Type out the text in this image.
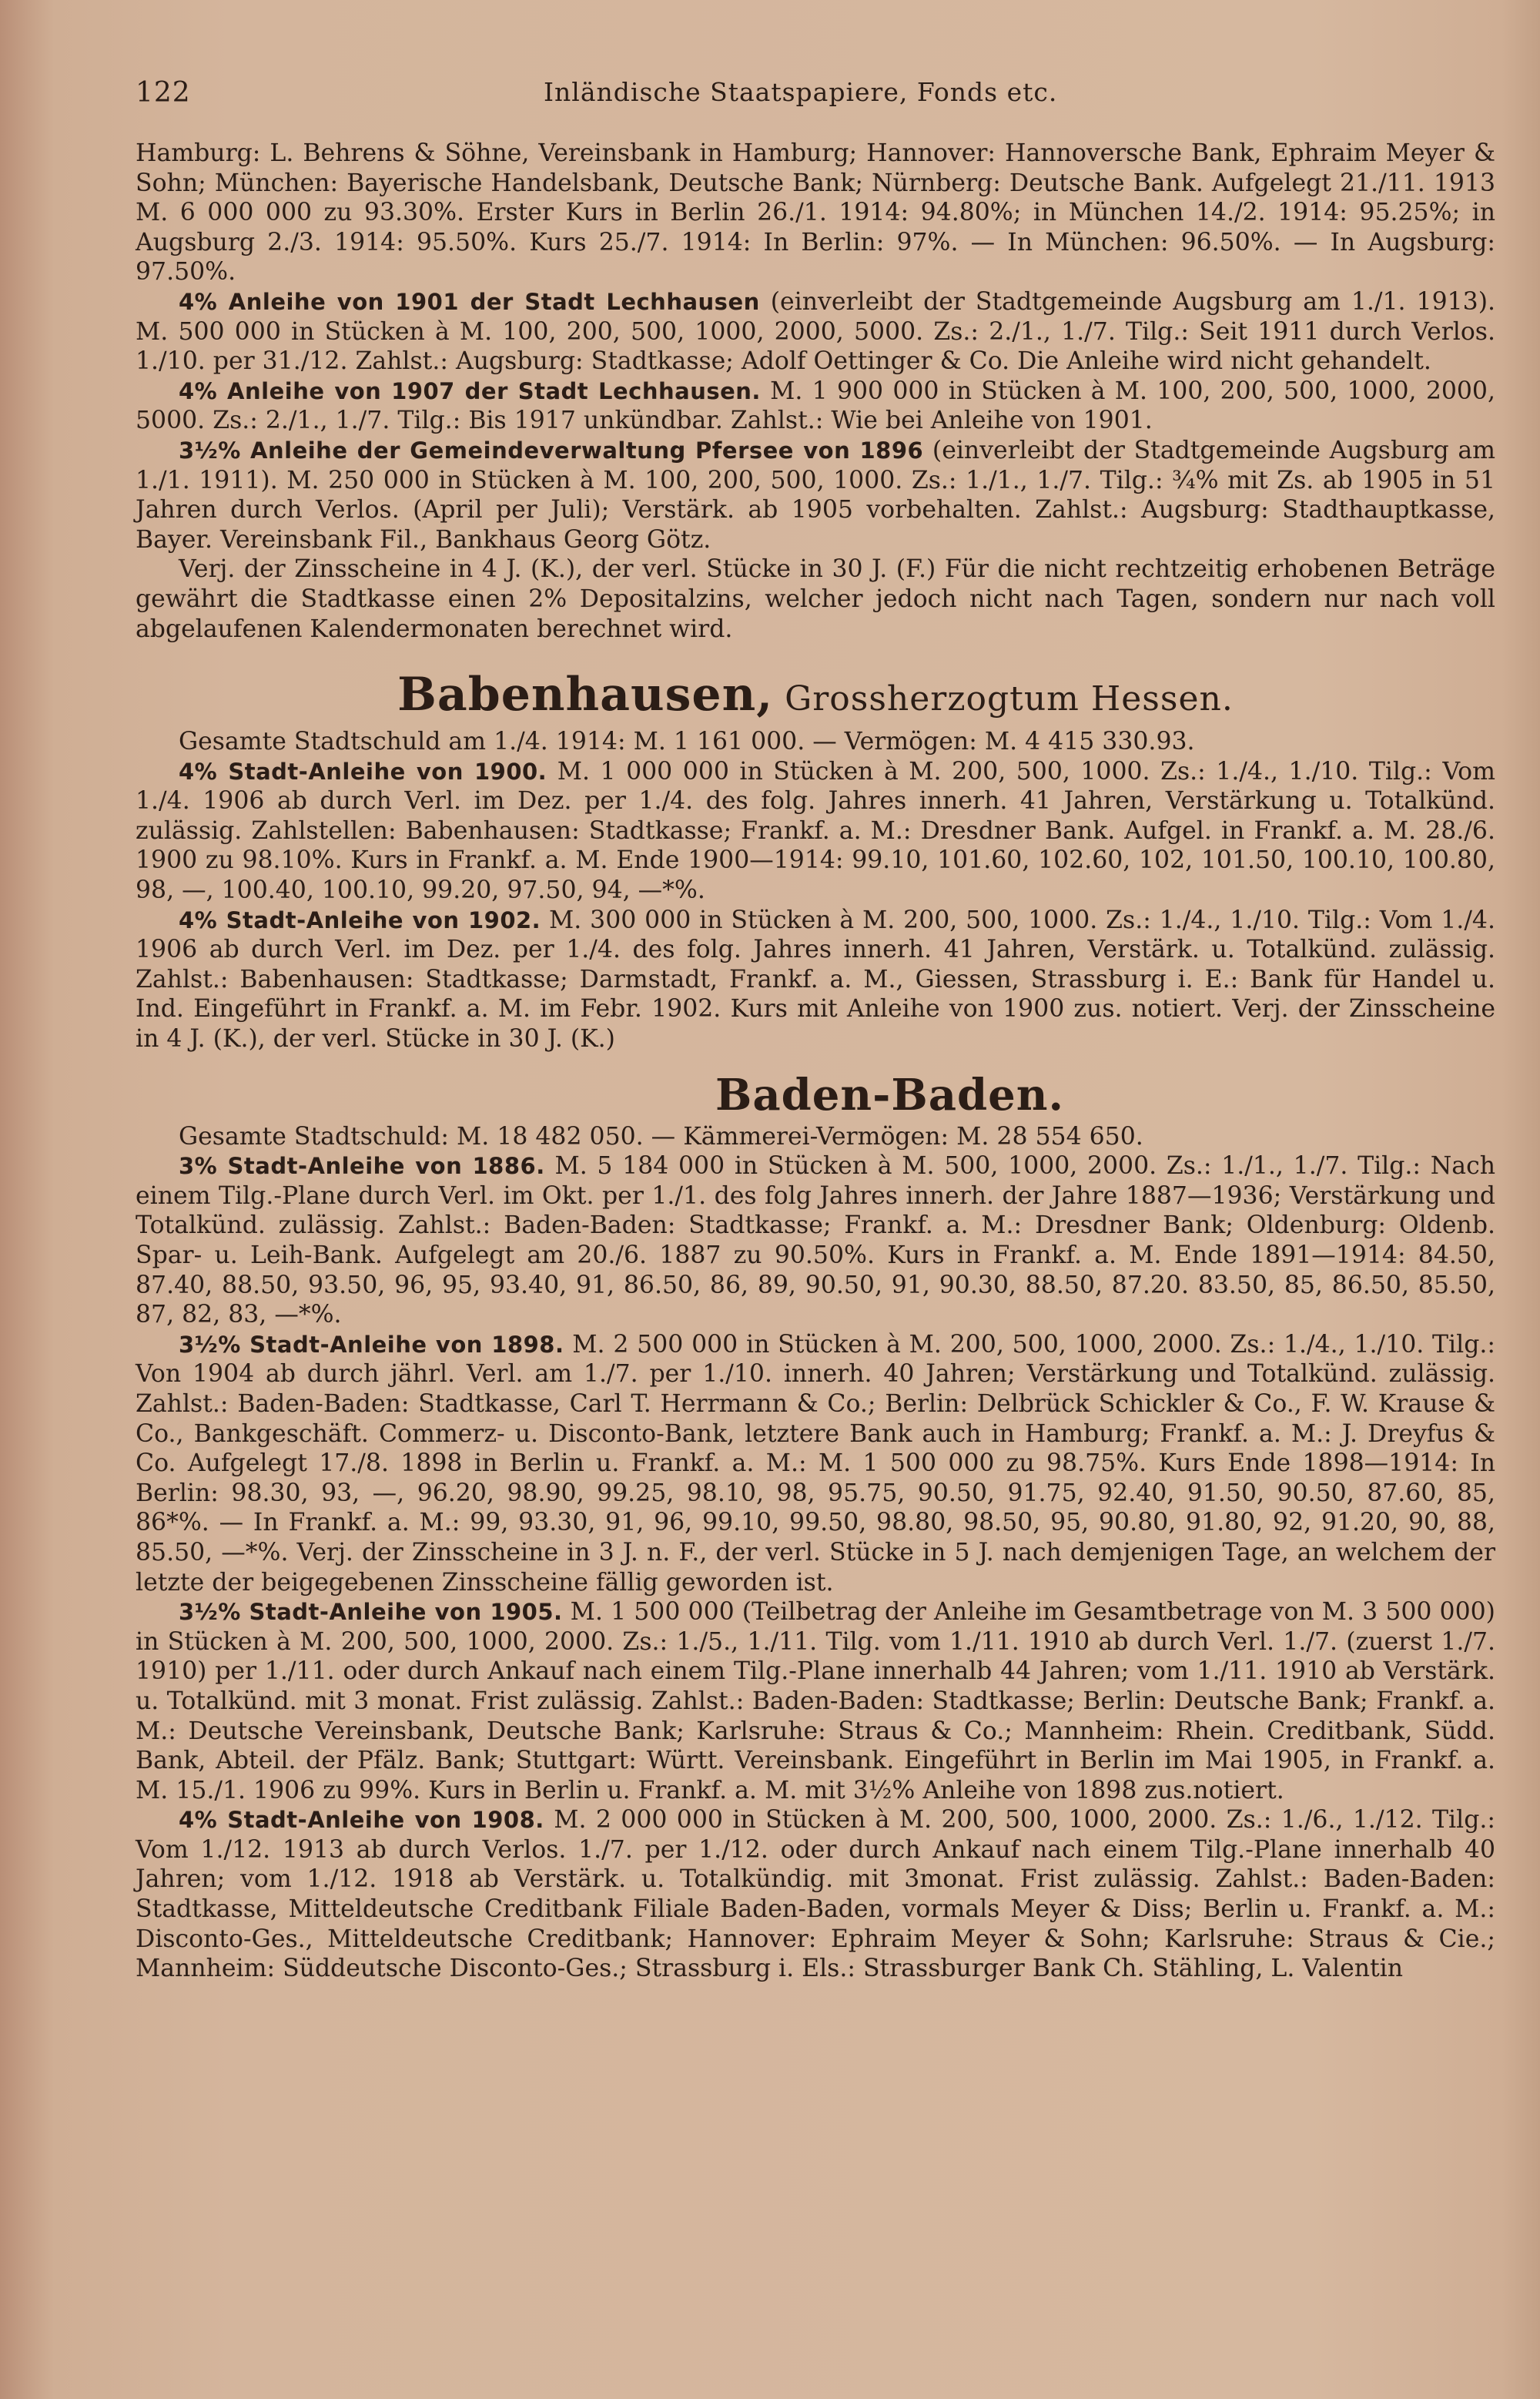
122	Inländische Staatspapiere, Fonds etc.

Hamburg: L. Behrens & Söhne, Vereinsbank in Hamburg; Hannover: Hannoversche Bank, Ephraim Meyer & Sohn; München: Bayerische Handelsbank, Deutsche Bank; Nürnberg: Deutsche Bank. Aufgelegt 21./11. 1913 M. 6 000 000 zu 93.30%. Erster Kurs in Berlin 26./1. 1914: 94.80%; in München 14./2. 1914: 95.25%; in Augsburg 2./3. 1914: 95.50%. Kurs 25./7. 1914: In Berlin: 97%. — In München: 96.50%. — In Augsburg: 97.50%.

4% Anleihe von 1901 der Stadt Lechhausen (einverleibt der Stadtgemeinde Augsburg am 1./1. 1913). M. 500 000 in Stücken à M. 100, 200, 500, 1000, 2000, 5000. Zs.: 2./1., 1./7. Tilg.: Seit 1911 durch Verlos. 1./10. per 31./12. Zahlst.: Augsburg: Stadtkasse; Adolf Oettinger & Co. Die Anleihe wird nicht gehandelt.

4% Anleihe von 1907 der Stadt Lechhausen. M. 1 900 000 in Stücken à M. 100, 200, 500, 1000, 2000, 5000. Zs.: 2./1., 1./7. Tilg.: Bis 1917 unkündbar. Zahlst.: Wie bei Anleihe von 1901.

3½% Anleihe der Gemeindeverwaltung Pfersee von 1896 (einverleibt der Stadtgemeinde Augsburg am 1./1. 1911). M. 250 000 in Stücken à M. 100, 200, 500, 1000. Zs.: 1./1., 1./7. Tilg.: ¾% mit Zs. ab 1905 in 51 Jahren durch Verlos. (April per Juli); Verstärk. ab 1905 vorbehalten. Zahlst.: Augsburg: Stadthauptkasse, Bayer. Vereinsbank Fil., Bankhaus Georg Götz.

Verj. der Zinsscheine in 4 J. (K.), der verl. Stücke in 30 J. (F.) Für die nicht rechtzeitig erhobenen Beträge gewährt die Stadtkasse einen 2% Depositalzins, welcher jedoch nicht nach Tagen, sondern nur nach voll abgelaufenen Kalendermonaten berechnet wird.

Babenhausen, Grossherzogtum Hessen.

Gesamte Stadtschuld am 1./4. 1914: M. 1 161 000. — Vermögen: M. 4 415 330.93.

4% Stadt-Anleihe von 1900. M. 1 000 000 in Stücken à M. 200, 500, 1000. Zs.: 1./4., 1./10. Tilg.: Vom 1./4. 1906 ab durch Verl. im Dez. per 1./4. des folg. Jahres innerh. 41 Jahren, Verstärkung u. Totalkünd. zulässig. Zahlstellen: Babenhausen: Stadtkasse; Frankf. a. M.: Dresdner Bank. Aufgel. in Frankf. a. M. 28./6. 1900 zu 98.10%. Kurs in Frankf. a. M. Ende 1900—1914: 99.10, 101.60, 102.60, 102, 101.50, 100.10, 100.80, 98, —, 100.40, 100.10, 99.20, 97.50, 94, —*%.

4% Stadt-Anleihe von 1902. M. 300 000 in Stücken à M. 200, 500, 1000. Zs.: 1./4., 1./10. Tilg.: Vom 1./4. 1906 ab durch Verl. im Dez. per 1./4. des folg. Jahres innerh. 41 Jahren, Verstärk. u. Totalkünd. zulässig. Zahlst.: Babenhausen: Stadtkasse; Darmstadt, Frankf. a. M., Giessen, Strassburg i. E.: Bank für Handel u. Ind. Eingeführt in Frankf. a. M. im Febr. 1902. Kurs mit Anleihe von 1900 zus. notiert. Verj. der Zinsscheine in 4 J. (K.), der verl. Stücke in 30 J. (K.)

Baden-Baden.

Gesamte Stadtschuld: M. 18 482 050. — Kämmerei-Vermögen: M. 28 554 650.

3% Stadt-Anleihe von 1886. M. 5 184 000 in Stücken à M. 500, 1000, 2000. Zs.: 1./1., 1./7. Tilg.: Nach einem Tilg.-Plane durch Verl. im Okt. per 1./1. des folg Jahres innerh. der Jahre 1887—1936; Verstärkung und Totalkünd. zulässig. Zahlst.: Baden-Baden: Stadtkasse; Frankf. a. M.: Dresdner Bank; Oldenburg: Oldenb. Spar- u. Leih-Bank. Aufgelegt am 20./6. 1887 zu 90.50%. Kurs in Frankf. a. M. Ende 1891—1914: 84.50, 87.40, 88.50, 93.50, 96, 95, 93.40, 91, 86.50, 86, 89, 90.50, 91, 90.30, 88.50, 87.20. 83.50, 85, 86.50, 85.50, 87, 82, 83, —*%.

3½% Stadt-Anleihe von 1898. M. 2 500 000 in Stücken à M. 200, 500, 1000, 2000. Zs.: 1./4., 1./10. Tilg.: Von 1904 ab durch jährl. Verl. am 1./7. per 1./10. innerh. 40 Jahren; Verstärkung und Totalkünd. zulässig. Zahlst.: Baden-Baden: Stadtkasse, Carl T. Herrmann & Co.; Berlin: Delbrück Schickler & Co., F. W. Krause & Co., Bankgeschäft. Commerz- u. Disconto-Bank, letztere Bank auch in Hamburg; Frankf. a. M.: J. Dreyfus & Co. Aufgelegt 17./8. 1898 in Berlin u. Frankf. a. M.: M. 1 500 000 zu 98.75%. Kurs Ende 1898—1914: In Berlin: 98.30, 93, —, 96.20, 98.90, 99.25, 98.10, 98, 95.75, 90.50, 91.75, 92.40, 91.50, 90.50, 87.60, 85, 86*%. — In Frankf. a. M.: 99, 93.30, 91, 96, 99.10, 99.50, 98.80, 98.50, 95, 90.80, 91.80, 92, 91.20, 90, 88, 85.50, —*%. Verj. der Zinsscheine in 3 J. n. F., der verl. Stücke in 5 J. nach demjenigen Tage, an welchem der letzte der beigegebenen Zinsscheine fällig geworden ist.

3½% Stadt-Anleihe von 1905. M. 1 500 000 (Teilbetrag der Anleihe im Gesamtbetrage von M. 3 500 000) in Stücken à M. 200, 500, 1000, 2000. Zs.: 1./5., 1./11. Tilg. vom 1./11. 1910 ab durch Verl. 1./7. (zuerst 1./7. 1910) per 1./11. oder durch Ankauf nach einem Tilg.-Plane innerhalb 44 Jahren; vom 1./11. 1910 ab Verstärk. u. Totalkünd. mit 3 monat. Frist zulässig. Zahlst.: Baden-Baden: Stadtkasse; Berlin: Deutsche Bank; Frankf. a. M.: Deutsche Vereinsbank, Deutsche Bank; Karlsruhe: Straus & Co.; Mannheim: Rhein. Creditbank, Südd. Bank, Abteil. der Pfälz. Bank; Stuttgart: Württ. Vereinsbank. Eingeführt in Berlin im Mai 1905, in Frankf. a. M. 15./1. 1906 zu 99%. Kurs in Berlin u. Frankf. a. M. mit 3½% Anleihe von 1898 zus.notiert.

4% Stadt-Anleihe von 1908. M. 2 000 000 in Stücken à M. 200, 500, 1000, 2000. Zs.: 1./6., 1./12. Tilg.: Vom 1./12. 1913 ab durch Verlos. 1./7. per 1./12. oder durch Ankauf nach einem Tilg.-Plane innerhalb 40 Jahren; vom 1./12. 1918 ab Verstärk. u. Totalkündig. mit 3monat. Frist zulässig. Zahlst.: Baden-Baden: Stadtkasse, Mitteldeutsche Creditbank Filiale Baden-Baden, vormals Meyer & Diss; Berlin u. Frankf. a. M.: Disconto-Ges., Mitteldeutsche Creditbank; Hannover: Ephraim Meyer & Sohn; Karlsruhe: Straus & Cie.; Mannheim: Süddeutsche Disconto-Ges.; Strassburg i. Els.: Strassburger Bank Ch. Stähling, L. Valentin
